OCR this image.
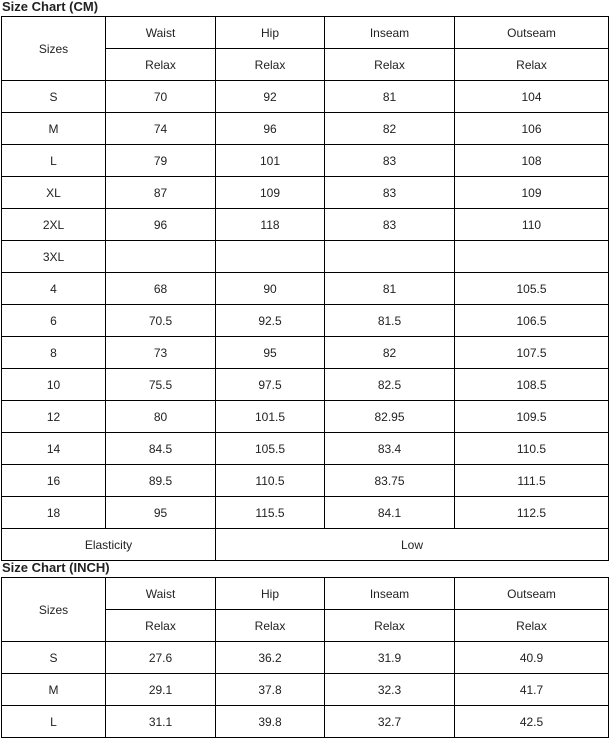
Size Chart (CM)
Sizes	Waist	Hip	Inseam	Outseam
	Relax	Relax	Relax	Relax
S	70	92	81	104
M	74	96	82	106
L	79	101	83	108
XL	87	109	83	109
2XL	96	118	83	110
3XL				
4	68	90	81	105.5
6	70.5	92.5	81.5	106.5
8	73	95	82	107.5
10	75.5	97.5	82.5	108.5
12	80	101.5	82.95	109.5
14	84.5	105.5	83.4	110.5
16	89.5	110.5	83.75	111.5
18	95	115.5	84.1	112.5
Elasticity		Low		
Size Chart (INCH)
Sizes	Waist	Hip	Inseam	Outseam
	Relax	Relax	Relax	Relax
S	27.6	36.2	31.9	40.9
M	29.1	37.8	32.3	41.7
L	31.1	39.8	32.7	42.5
